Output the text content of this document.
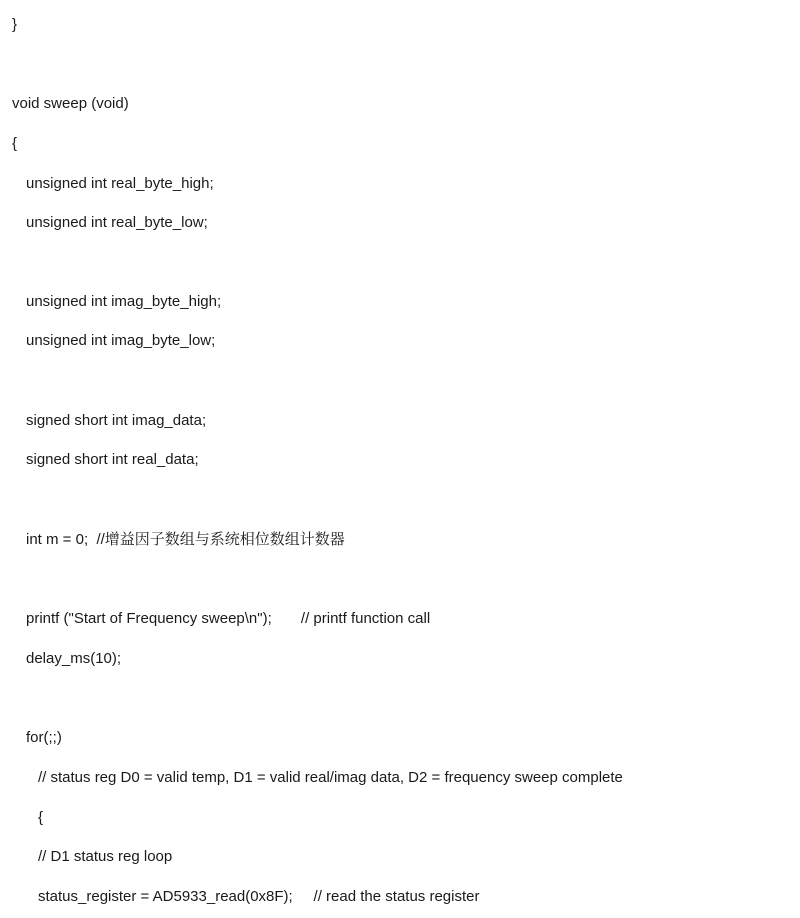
}
void sweep (void)
{
unsigned int real_byte_high;
unsigned int real_byte_low;
unsigned int imag_byte_high;
unsigned int imag_byte_low;
signed short int imag_data;
signed short int real_data;
int m = 0;  //增益因子数组与系统相位数组计数器
printf ("Start of Frequency sweep\n");       // printf function call
delay_ms(10);
for(;;)
// status reg D0 = valid temp, D1 = valid real/imag data, D2 = frequency sweep complete
{
// D1 status reg loop
status_register = AD5933_read(0x8F);     // read the status register
